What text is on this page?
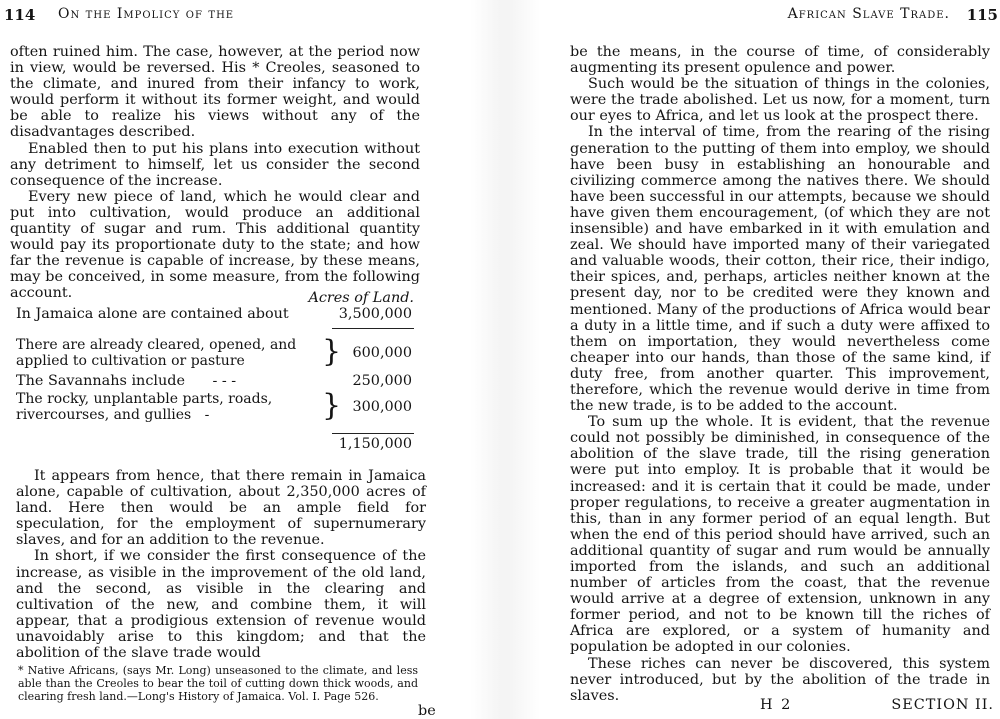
114 On the Impolicy of the

often ruined him. The case, however, at the period now in view, would be reversed. His * Creoles, seasoned to the climate, and inured from their infancy to work, would perform it without its former weight, and would be able to realize his views without any of the disadvantages described.

Enabled then to put his plans into execution without any detriment to himself, let us consider the second consequence of the increase.

Every new piece of land, which he would clear and put into cultivation, would produce an additional quantity of sugar and rum. This additional quantity would pay its proportionate duty to the state; and how far the revenue is capable of increase, by these means, may be conceived, in some measure, from the following account.	Acres of Land.
In Jamaica alone are contained about	3,500,000
There are already cleared, opened, and applied to cultivation or pasture	} 600,000
The Savannahs include - - -	250,000
The rocky, unplantable parts, roads, rivercourses, and gullies -	} 300,000
1,150,000

It appears from hence, that there remain in Jamaica alone, capable of cultivation, about 2,350,000 acres of land. Here then would be an ample field for speculation, for the employment of supernumerary slaves, and for an addition to the revenue.

In short, if we consider the first consequence of the increase, as visible in the improvement of the old land, and the second, as visible in the clearing and cultivation of the new, and combine them, it will appear, that a prodigious extension of revenue would unavoidably arise to this kingdom; and that the abolition of the slave trade would

* Native Africans, (says Mr. Long) unseasoned to the climate, and less able than the Creoles to bear the toil of cutting down thick woods, and clearing fresh land.—Long's History of Jamaica. Vol. I. Page 526.
be
African Slave Trade. 115

be the means, in the course of time, of considerably augmenting its present opulence and power.

Such would be the situation of things in the colonies, were the trade abolished. Let us now, for a moment, turn our eyes to Africa, and let us look at the prospect there.

In the interval of time, from the rearing of the rising generation to the putting of them into employ, we should have been busy in establishing an honourable and civilizing commerce among the natives there. We should have been successful in our attempts, because we should have given them encouragement, (of which they are not insensible) and have embarked in it with emulation and zeal. We should have imported many of their variegated and valuable woods, their cotton, their rice, their indigo, their spices, and, perhaps, articles neither known at the present day, nor to be credited were they known and mentioned. Many of the productions of Africa would bear a duty in a little time, and if such a duty were affixed to them on importation, they would nevertheless come cheaper into our hands, than those of the same kind, if duty free, from another quarter. This improvement, therefore, which the revenue would derive in time from the new trade, is to be added to the account.

To sum up the whole. It is evident, that the revenue could not possibly be diminished, in consequence of the abolition of the slave trade, till the rising generation were put into employ. It is probable that it would be increased: and it is certain that it could be made, under proper regulations, to receive a greater augmentation in this, than in any former period of an equal length. But when the end of this period should have arrived, such an additional quantity of sugar and rum would be annually imported from the islands, and such an additional number of articles from the coast, that the revenue would arrive at a degree of extension, unknown in any former period, and not to be known till the riches of Africa are explored, or a system of humanity and population be adopted in our colonies.

These riches can never be discovered, this system never introduced, but by the abolition of the trade in slaves.

H 2	SECTION II.
